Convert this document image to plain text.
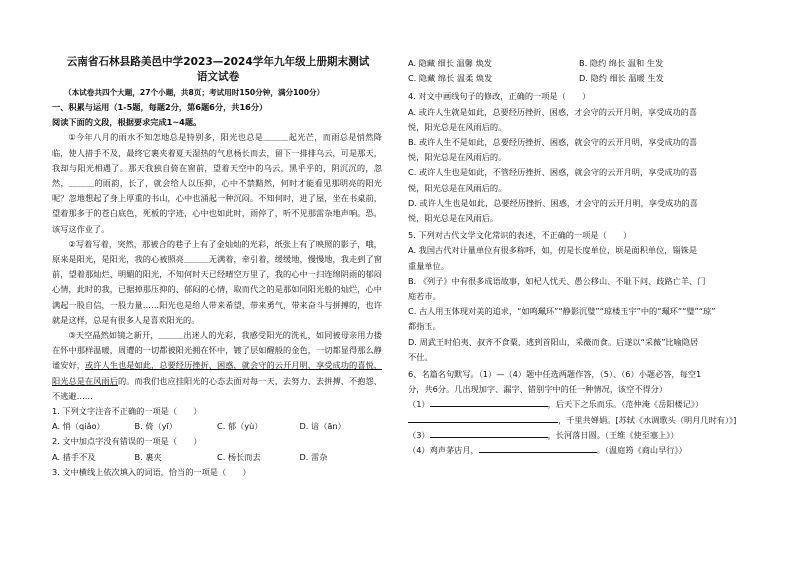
云南省石林县路美邑中学2023—2024学年九年级上册期末测试
语文试卷

（本试卷共四个大题，27个小题，共8页；考试用时150分钟，满分100分）

一、积累与运用（1-5题，每题2分，第6题6分，共16分）

阅读下面的文段，根据要求完成1~4题。

①今年八月的雨水不知怎地总是特别多，阳光也总是＿＿＿起光芒，而雨总是悄然降临，使人措手不及，最终它裹夹着夏天湿热的气息杨长而去，留下一排排乌云，可是那天，我却与阳光相遇了。那天我独自倚在窗前，望着天空中的乌云，黑乎乎的，阴沉沉的，忽然，＿＿＿的雨韵，长了，就会给人以压抑，心中不禁黯然，何时才能看见那明亮的阳光呢？忽地想起了身上厚重的书山，心中也涌起一种沉闷。不知何时，进了屋，坐在书桌前，望着那多于的苍白底色，死板的字迹，心中也如此时，雨停了，听不见那雷杂地声响。恐，该写这作业了。

②写着写着，突然，那被合的巷子上有了金灿灿的光彩，纸张上有了映照的影子，哦，原来是阳光，是阳光，我的心被照亮＿＿＿无满着，牵引着，缓缓地，慢慢地，我走到了窗前，望着那灿烂、明媚的阳光，不知何时天已经晴空万里了，我的心中一扫连绵阴雨的郁闷心情，此时的我，已据掉那压抑的、郁闷的心情，取而代之的是那如同阳光般的灿烂，心中满起一股自信，一股力量……阳光也是给人带来希望，带来勇气，带来奋斗与拼搏的，也许就是这样，总是有很多人是喜欢阳光的。

③天空晶然如镜之新开，＿＿＿出迷人的光彩，我感受阳光的洗礼，如同被母亲用力搂在怀中那样温暖，周遭的一切都被阳光拥在怀中，镀了层如醒般的金色，一切都显得那么静谧安好，或许人生也是如此，总要经历挫折、困惑，就会守的云开月明，享受成功的喜悦，阳光总是在风雨后的。而我们也应挂阳光的心态去面对每一天，去努力、去拼搏、不抱怨、不逃避……

1. 下列文字注音不正确的一项是（　　）

A. 悄（qiǎo）	B. 倚（yī）	C. 郁（yù）	D. 谙（ān）

2. 文中加点字没有错误的一项是（　　）

A. 措手不及	B. 裹夹	C. 杨长而去	D. 雷杂

3. 文中横线上依次填入的词语，恰当的一项是（　　）

A. 隐藏 细长 温馨 焕发	B. 隐约 绵长 温和 生发
C. 隐藏 绵长 温柔 焕发	D. 隐约 细长 温暖 生发

4. 对文中画线句子的修改，正确的一项是（　　）

A. 或许人生就是如此，总要经历挫折、困惑，才会守的云开月明，享受成功的喜

悦，阳光总是在风雨后的。

B. 或许人生不是如此，总要经历挫折、困惑，就会守的云开月明，享受成功的喜

悦，阳光总是在风雨后的。

C. 或许人生也是如此，不管经历挫折、困惑，就会守的云开月明，享受成功的喜

悦，阳光总是在风雨后的。

D. 或许人生也是如此，总要经历挫折、困惑，才会守的云开月明，享受成功的喜

悦，阳光总是在风雨后。

5. 下列对古代文学文化常识的表述，不正确的一项是（　　）

A. 我国古代对计量单位有很多称呼，如，仞是长度单位，顷是面积单位，锱铢是

重量单位。

B. 《列子》中有很多成语故事，如杞人忧天、愚公移山、不耻下问、歧路亡羊、门

庭若市。

C. 古人用玉体现对美的追求，“如鸣珮环”“静影沉璧”“琼楼玉宇”中的“珮环”“璧”“琼”

都指玉。

D. 周武王时伯夷、叔齐不食粟，逃到首阳山，采薇而食。后遂以“采薇”比喻隐居

不仕。

6、名篇名句默写。（1）—（4）题中任选两题作答，（5）、（6）小题必答，每空1

分，共6分。几出现加字、漏字、错别字中的任一种情况，该空不得分）

（1）	，后天下之乐而乐。（范仲淹《岳阳楼记》）

，千里共婵娟。[苏轼《水调歌头（明月几时有）》]

（3）	，长河落日圆。（王维《使至塞上》）

（4）鸡声茅店月，	。（温庭筠《商山早行》）
